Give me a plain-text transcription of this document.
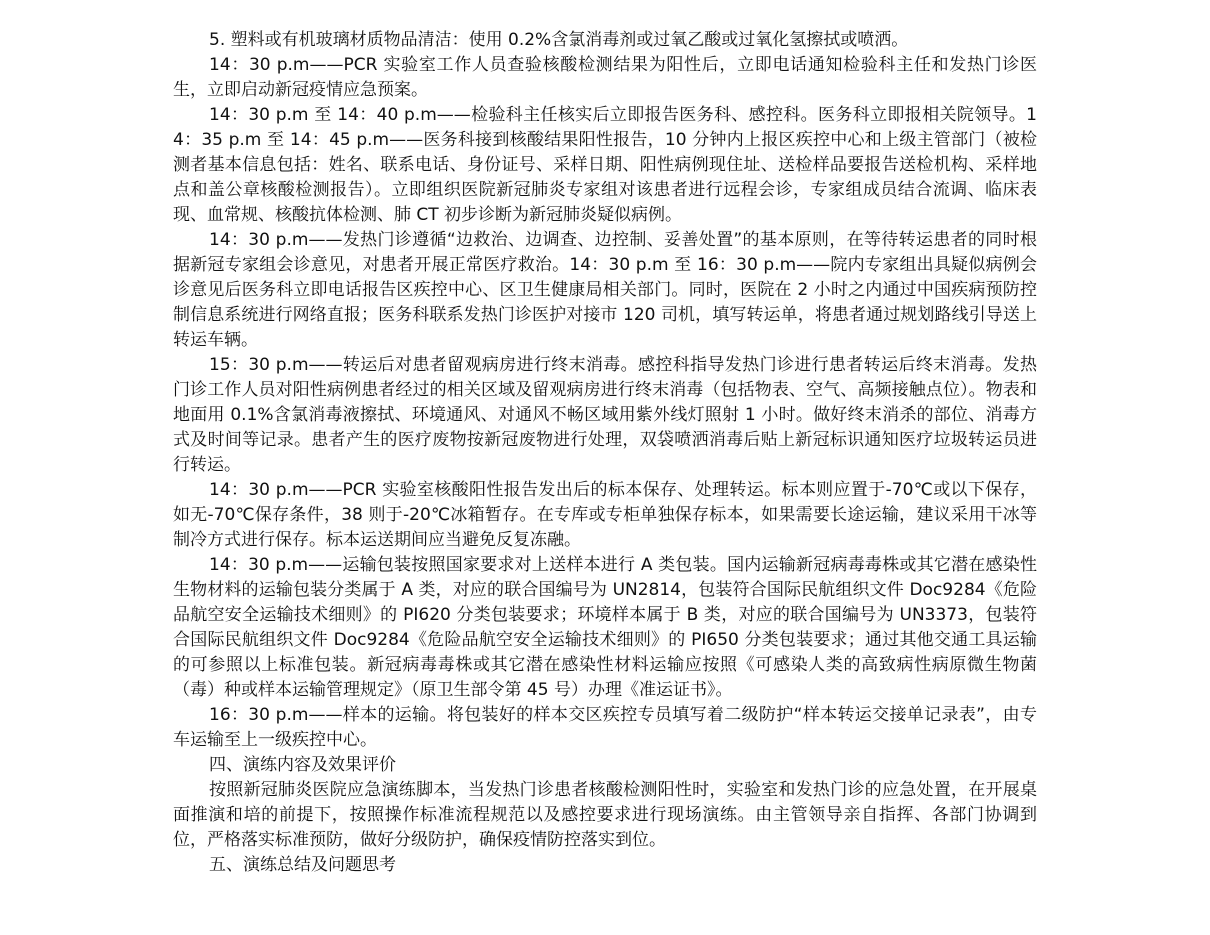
5. 塑料或有机玻璃材质物品清洁：使用 0.2%含氯消毒剂或过氧乙酸或过氧化氢擦拭或喷洒。

14：30 p.m——PCR 实验室工作人员查验核酸检测结果为阳性后，立即电话通知检验科主任和发热门诊医生，立即启动新冠疫情应急预案。

14：30 p.m 至 14：40 p.m——检验科主任核实后立即报告医务科、感控科。医务科立即报相关院领导。14：35 p.m 至 14：45 p.m——医务科接到核酸结果阳性报告，10 分钟内上报区疾控中心和上级主管部门（被检测者基本信息包括：姓名、联系电话、身份证号、采样日期、阳性病例现住址、送检样品要报告送检机构、采样地点和盖公章核酸检测报告）。立即组织医院新冠肺炎专家组对该患者进行远程会诊，专家组成员结合流调、临床表现、血常规、核酸抗体检测、肺 CT 初步诊断为新冠肺炎疑似病例。

14：30 p.m——发热门诊遵循“边救治、边调查、边控制、妥善处置”的基本原则，在等待转运患者的同时根据新冠专家组会诊意见，对患者开展正常医疗救治。14：30 p.m 至 16：30 p.m——院内专家组出具疑似病例会诊意见后医务科立即电话报告区疾控中心、区卫生健康局相关部门。同时，医院在 2 小时之内通过中国疾病预防控制信息系统进行网络直报；医务科联系发热门诊医护对接市 120 司机，填写转运单，将患者通过规划路线引导送上转运车辆。

15：30 p.m——转运后对患者留观病房进行终末消毒。感控科指导发热门诊进行患者转运后终末消毒。发热门诊工作人员对阳性病例患者经过的相关区域及留观病房进行终末消毒（包括物表、空气、高频接触点位）。物表和地面用 0.1%含氯消毒液擦拭、环境通风、对通风不畅区域用紫外线灯照射 1 小时。做好终末消杀的部位、消毒方式及时间等记录。患者产生的医疗废物按新冠废物进行处理，双袋喷洒消毒后贴上新冠标识通知医疗垃圾转运员进行转运。

14：30 p.m——PCR 实验室核酸阳性报告发出后的标本保存、处理转运。标本则应置于-70℃或以下保存，如无-70℃保存条件，38 则于-20℃冰箱暂存。在专库或专柜单独保存标本，如果需要长途运输，建议采用干冰等制冷方式进行保存。标本运送期间应当避免反复冻融。

14：30 p.m——运输包装按照国家要求对上送样本进行 A 类包装。国内运输新冠病毒毒株或其它潜在感染性生物材料的运输包装分类属于 A 类，对应的联合国编号为 UN2814，包装符合国际民航组织文件 Doc9284《危险品航空安全运输技术细则》的 PI620 分类包装要求；环境样本属于 B 类，对应的联合国编号为 UN3373，包装符合国际民航组织文件 Doc9284《危险品航空安全运输技术细则》的 PI650 分类包装要求；通过其他交通工具运输的可参照以上标准包装。新冠病毒毒株或其它潜在感染性材料运输应按照《可感染人类的高致病性病原微生物菌（毒）种或样本运输管理规定》（原卫生部令第 45 号）办理《准运证书》。

16：30 p.m——样本的运输。将包装好的样本交区疾控专员填写着二级防护“样本转运交接单记录表”，由专车运输至上一级疾控中心。

四、演练内容及效果评价

按照新冠肺炎医院应急演练脚本，当发热门诊患者核酸检测阳性时，实验室和发热门诊的应急处置，在开展桌面推演和培的前提下，按照操作标准流程规范以及感控要求进行现场演练。由主管领导亲自指挥、各部门协调到位，严格落实标准预防，做好分级防护，确保疫情防控落实到位。

五、演练总结及问题思考
